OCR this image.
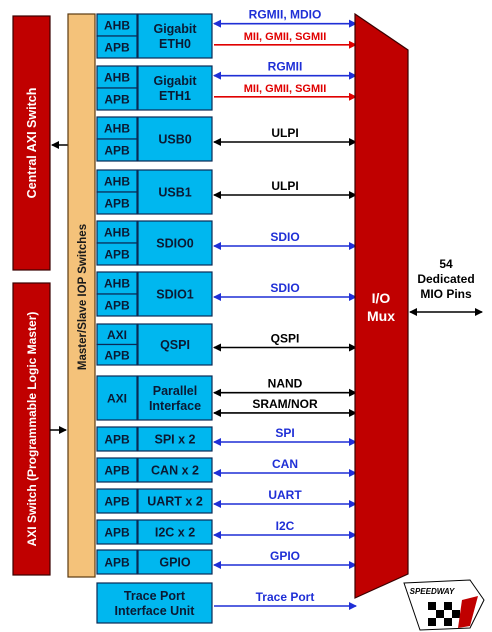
Central AXI Switch
AXI Switch (Programmable Logic Master)
Master/Slave IOP Switches
AHB
APB
Gigabit
ETH0
RGMII, MDIO
MII, GMII, SGMII
AHB
APB
Gigabit
ETH1
RGMII
MII, GMII, SGMII
AHB
APB
USB0	ULPI
AHB
APB
USB1	ULPI
AHB
APB
SDIO0	SDIO
AHB
APB
SDIO1	SDIO
AXI
APB
QSPI	QSPI
AXI
Parallel
Interface
NAND
SRAM/NOR
APB SPI x 2	SPI
APB CAN x 2	CAN
APB UART x 2	UART
APB I2C x 2	I2C
APB GPIO	GPIO
Trace Port
Interface Unit
Trace Port
I/O
Mux
54
Dedicated
MIO Pins
SPEEDWAY
